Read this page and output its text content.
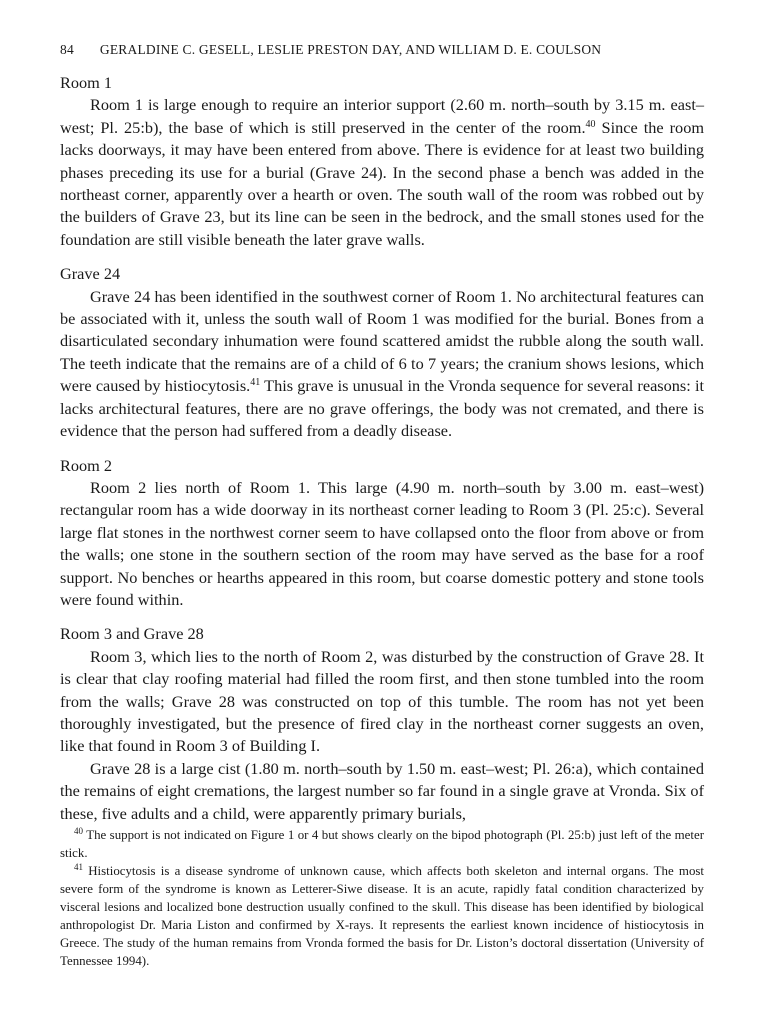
84 GERALDINE C. GESELL, LESLIE PRESTON DAY, AND WILLIAM D. E. COULSON
Room 1

Room 1 is large enough to require an interior support (2.60 m. north–south by 3.15 m. east–west; Pl. 25:b), the base of which is still preserved in the center of the room.$^{40}$ Since the room lacks doorways, it may have been entered from above. There is evidence for at least two building phases preceding its use for a burial (Grave 24). In the second phase a bench was added in the northeast corner, apparently over a hearth or oven. The south wall of the room was robbed out by the builders of Grave 23, but its line can be seen in the bedrock, and the small stones used for the foundation are still visible beneath the later grave walls.

Grave 24

Grave 24 has been identified in the southwest corner of Room 1. No architectural features can be associated with it, unless the south wall of Room 1 was modified for the burial. Bones from a disarticulated secondary inhumation were found scattered amidst the rubble along the south wall. The teeth indicate that the remains are of a child of 6 to 7 years; the cranium shows lesions, which were caused by histiocytosis.$^{41}$ This grave is unusual in the Vronda sequence for several reasons: it lacks architectural features, there are no grave offerings, the body was not cremated, and there is evidence that the person had suffered from a deadly disease.

Room 2

Room 2 lies north of Room 1. This large (4.90 m. north–south by 3.00 m. east–west) rectangular room has a wide doorway in its northeast corner leading to Room 3 (Pl. 25:c). Several large flat stones in the northwest corner seem to have collapsed onto the floor from above or from the walls; one stone in the southern section of the room may have served as the base for a roof support. No benches or hearths appeared in this room, but coarse domestic pottery and stone tools were found within.

Room 3 and Grave 28

Room 3, which lies to the north of Room 2, was disturbed by the construction of Grave 28. It is clear that clay roofing material had filled the room first, and then stone tumbled into the room from the walls; Grave 28 was constructed on top of this tumble. The room has not yet been thoroughly investigated, but the presence of fired clay in the northeast corner suggests an oven, like that found in Room 3 of Building I.

Grave 28 is a large cist (1.80 m. north–south by 1.50 m. east–west; Pl. 26:a), which contained the remains of eight cremations, the largest number so far found in a single grave at Vronda. Six of these, five adults and a child, were apparently primary burials,

$^{40}$ The support is not indicated on Figure 1 or 4 but shows clearly on the bipod photograph (Pl. 25:b) just left of the meter stick.

$^{41}$ Histiocytosis is a disease syndrome of unknown cause, which affects both skeleton and internal organs. The most severe form of the syndrome is known as Letterer-Siwe disease. It is an acute, rapidly fatal condition characterized by visceral lesions and localized bone destruction usually confined to the skull. This disease has been identified by biological anthropologist Dr. Maria Liston and confirmed by X-rays. It represents the earliest known incidence of histiocytosis in Greece. The study of the human remains from Vronda formed the basis for Dr. Liston’s doctoral dissertation (University of Tennessee 1994).
